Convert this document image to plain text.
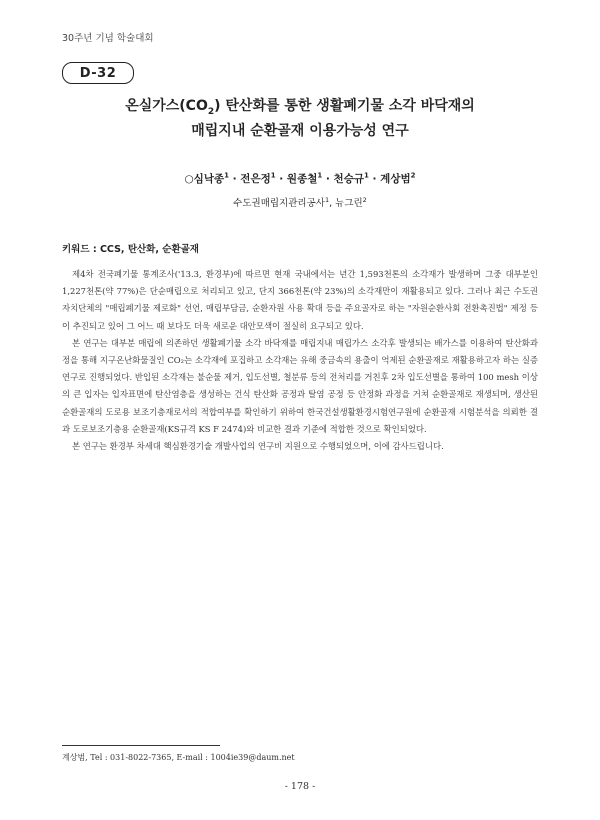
30주년 기념 학술대회
D-32
온실가스$(CO_2)$ 탄산화를 통한 생활폐기물 소각 바닥재의
매립지내 순환골재 이용가능성 연구
○심낙종$^1$ · 전은정$^1$ · 원종철$^1$ · 천승규$^1$ · 계상범$^2$
수도권매립지관리공사$^1$, 뉴그린$^2$
키워드 : CCS, 탄산화, 순환골재

제4차 전국폐기물 통계조사('13.3, 환경부)에 따르면 현재 국내에서는 년간 1,593천톤의 소각재가 발생하며 그중 대부분인 1,227천톤(약 77%)은 단순매립으로 처리되고 있고, 단지 366천톤(약 23%)의 소각재만이 재활용되고 있다. 그러나 최근 수도권 자치단체의 "매립폐기물 제로화" 선언, 매립부담금, 순환자원 사용 확대 등을 주요골자로 하는 "자원순환사회 전환촉진법" 제정 등이 추진되고 있어 그 어느 때 보다도 더욱 새로운 대안모색이 절실히 요구되고 있다.

본 연구는 대부분 매립에 의존하던 생활폐기물 소각 바닥재를 매립지내 매립가스 소각후 발생되는 배가스를 이용하여 탄산화과정을 통해 지구온난화물질인 CO₂는 소각재에 포집하고 소각재는 유해 중금속의 용출이 억제된 순환골재로 재활용하고자 하는 실증연구로 진행되었다. 반입된 소각재는 불순물 제거, 입도선별, 철분류 등의 전처리를 거친후 2차 입도선별을 통하여 100 mesh 이상의 큰 입자는 입자표면에 탄산염층을 생성하는 건식 탄산화 공정과 탈염 공정 등 안정화 과정을 거쳐 순환골재로 재생되며, 생산된 순환골재의 도로용 보조기층재로서의 적합여부를 확인하기 위하여 한국건설생활환경시험연구원에 순환골재 시험분석을 의뢰한 결과 도로보조기층용 순환골재(KS규격 KS F 2474)와 비교한 결과 기준에 적합한 것으로 확인되었다.

본 연구는 환경부 차세대 핵심환경기술 개발사업의 연구비 지원으로 수행되었으며, 이에 감사드립니다.

계상범, Tel : 031-8022-7365, E-mail : 1004ie39@daum.net
- 178 -
